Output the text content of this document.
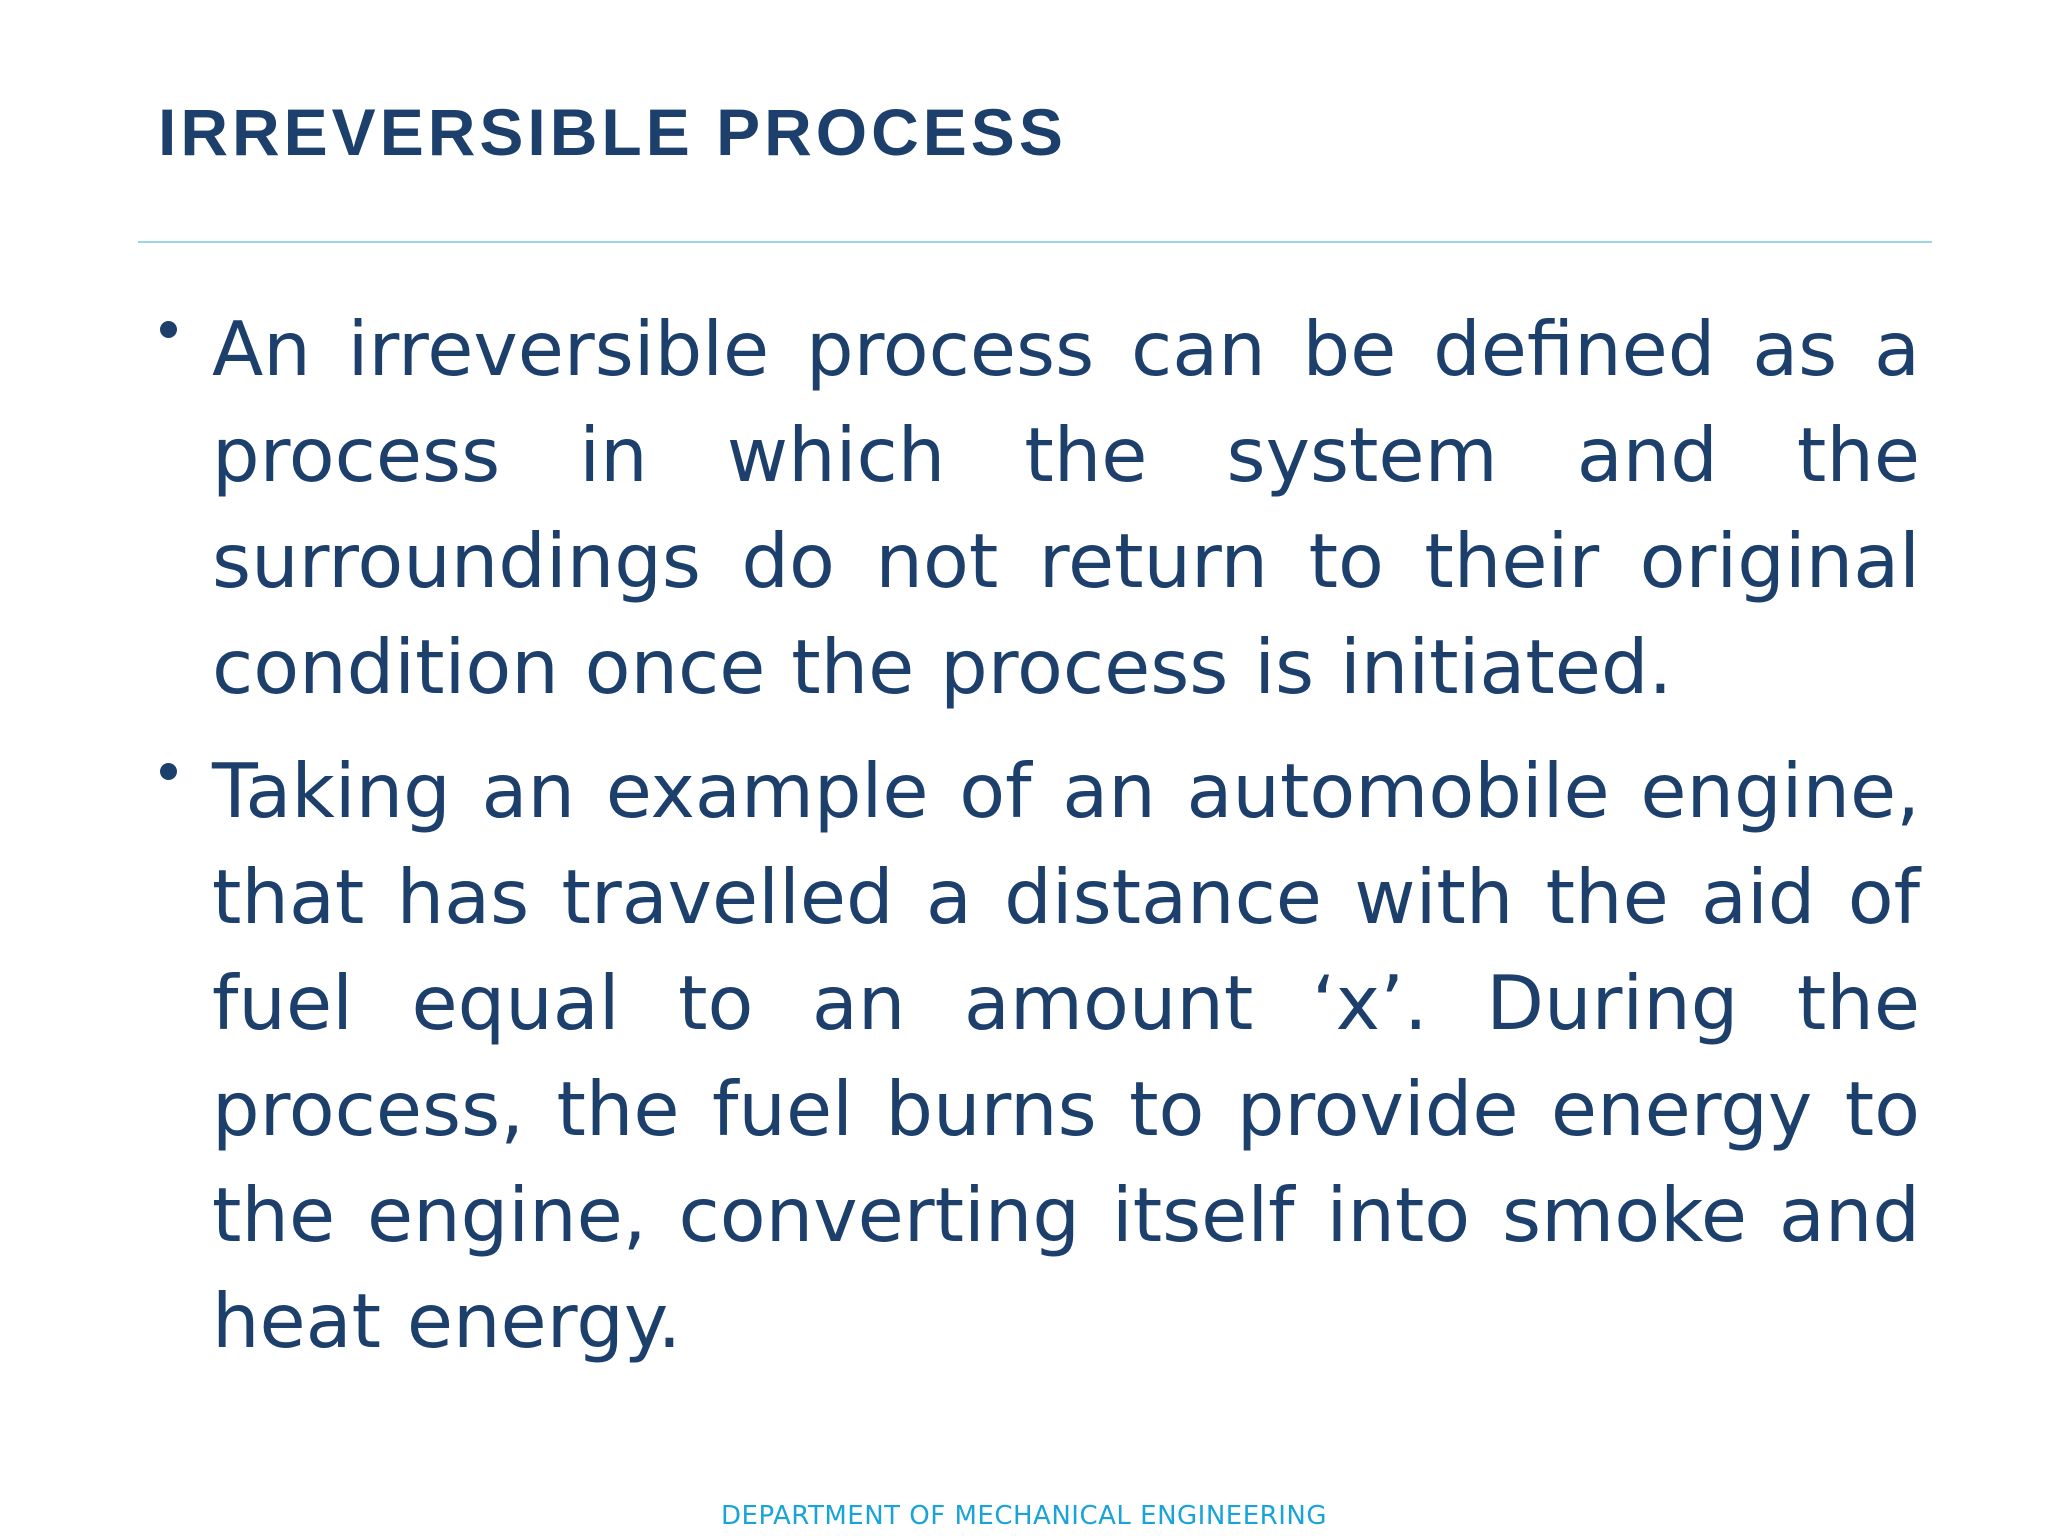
IRREVERSIBLE PROCESS
An irreversible process can be defined as a process in which the system and the surroundings do not return to their original condition once the process is initiated.
Taking an example of an automobile engine, that has travelled a distance with the aid of fuel equal to an amount ‘x’. During the process, the fuel burns to provide energy to the engine, converting itself into smoke and heat energy.
DEPARTMENT OF MECHANICAL ENGINEERING
